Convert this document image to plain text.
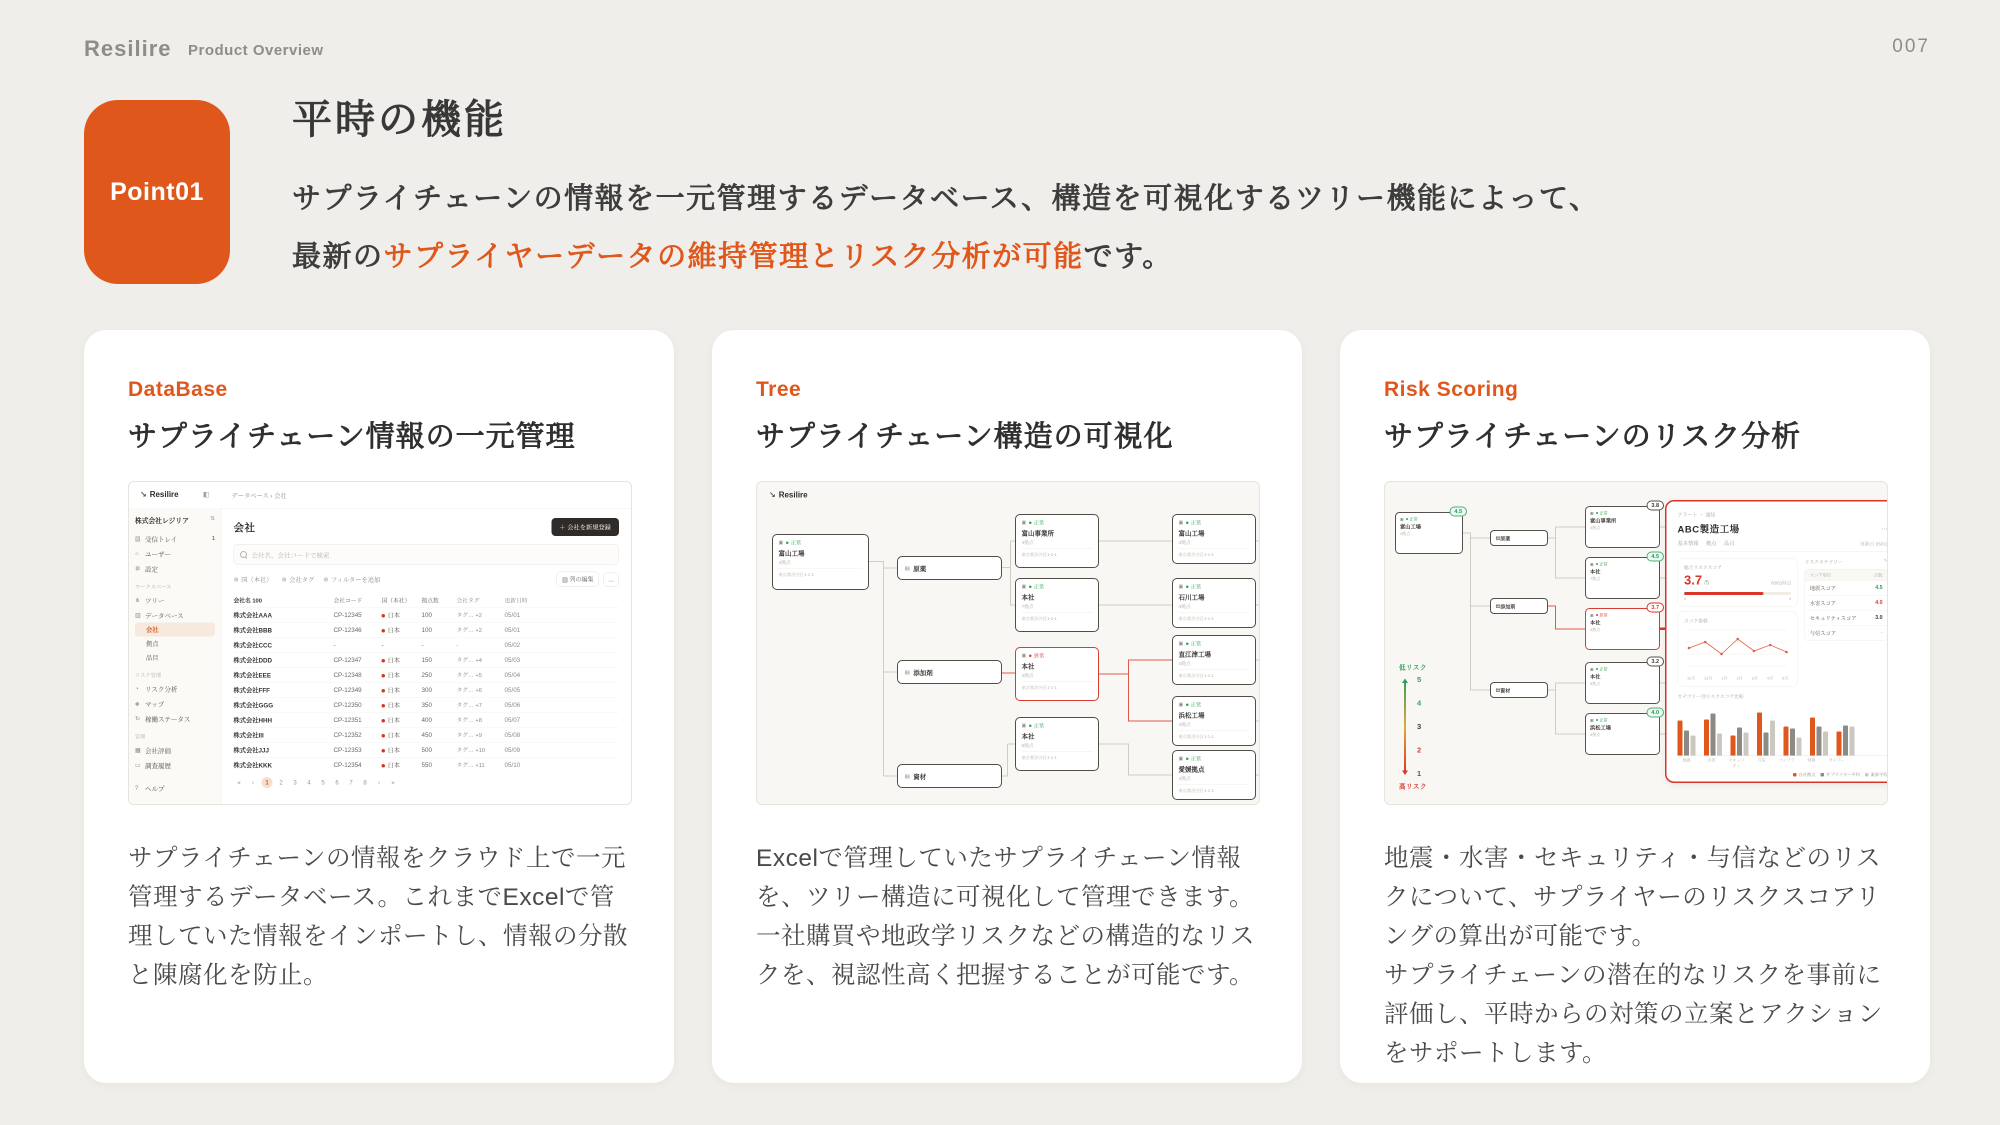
Resilire Product Overview	007
Point01
平時の機能
サプライチェーンの情報を一元管理するデータベース、構造を可視化するツリー機能によって、
最新のサプライヤーデータの維持管理とリスク分析が可能です。
DataBase
サプライチェーン情報の一元管理
↘ Resilire ◧ データベース › 会社
株式会社レジリア ⇅
▤ 受信トレイ	1
○ ユーザー
⚙ 設定
ワークスペース
⋔ ツリー
▥ データベース
会社
拠点
品目
リスク管理
◔ リスク分析
◈ マップ
↻ 稼働ステータス
管理
▦ 会社評価
▭ 調査履歴
? ヘルプ
会社	＋ 会社を新規登録
会社名、会社コードで検索
⊕ 国（本社） ⊕ 会社タグ ⊕ フィルターを追加	▥ 列の編集	…
会社名 100	会社コード	国（本社） 拠点数	会社タグ	更新日時
株式会社AAA	CP-12345	日本	100	タグ… +2	05/01
株式会社BBB	CP-12346	日本	100	タグ… +2	05/01
株式会社CCC	-	-	-	-	05/02
株式会社DDD	CP-12347	日本	150	タグ… +4	05/03
株式会社EEE	CP-12348	日本	250	タグ… +5	05/04
株式会社FFF	CP-12349	日本	300	タグ… +6	05/05
株式会社GGG	CP-12350	日本	350	タグ… +7	05/06
株式会社HHH	CP-12351	日本	400	タグ… +8	05/07
株式会社III	CP-12352	日本	450	タグ… +9	05/08
株式会社JJJ	CP-12353	日本	500	タグ… +10	05/09
株式会社KKK	CP-12354	日本	550	タグ… +11	05/10
« ‹ 1 2 3 4 5 6 7 8 › »

サプライチェーンの情報をクラウド上で一元管理するデータベース。これまでExcelで管理していた情報をインポートし、情報の分散と陳腐化を防止。

Tree
サプライチェーン構造の可視化
↘ Resilire
▣ 正常
富山工場
4拠点
東京都渋谷区1-1-1
▤ 原薬
▤ 添加剤
▤ 資材
▣ 正常
富山事業所
4拠点
東京都渋谷区1-1-1
▣ 正常
本社
7拠点
東京都渋谷区1-1-1
▣ 異常
本社
4拠点
東京都渋谷区1-1-1
▣ 正常
本社
5拠点
東京都渋谷区1-1-1
▣ 正常
富山工場
4拠点
東京都渋谷区1-1-1
▣ 正常
石川工場
4拠点
東京都渋谷区1-1-1
▣ 正常
直江津工場
4拠点
東京都渋谷区1-1-1
▣ 正常
浜松工場
4拠点
東京都渋谷区1-1-1
▣ 正常
愛媛拠点
4拠点
東京都渋谷区1-1-1

Excelで管理していたサプライチェーン情報を、ツリー構造に可視化して管理できます。一社購買や地政学リスクなどの構造的なリスクを、視認性高く把握することが可能です。

Risk Scoring
サプライチェーンのリスク分析
▣ 正常
富山工場
4拠点
4.5
▤ 原薬
▤ 添加剤
▤ 資材
▣ 正常
富山事業所
4拠点
3.8
▣ 正常
本社
7拠点
4.5
▣ 異常
本社
4拠点
3.7
▣ 正常
本社
5拠点
3.2
▣ 正常
浜松工場
4拠点
4.0
低リスク
5
4
3
2
1
高リスク
アラート ・ 通知
ABC製造工場	⋯
基本情報 拠点 品目	更新日 05/01
総合リスクスコア
3.7 /5	05/01時点
0	5
スコア推移
11月 12月 1月 2月 3月 4月 5月
リスクカテゴリー	✎
スコア項目	点数
地震スコア	4.5
水害スコア	4.0
セキュリティスコア 3.0
与信スコア	-
カテゴリー別リスクスコア比較
地震	水害	セキュリティ
与信	コンプラ	財務	サイバー
自社拠点 サプライヤー平均 業界平均

地震・水害・セキュリティ・与信などのリスクについて、サプライヤーのリスクスコアリングの算出が可能です。
サプライチェーンの潜在的なリスクを事前に評価し、平時からの対策の立案とアクションをサポートします。
